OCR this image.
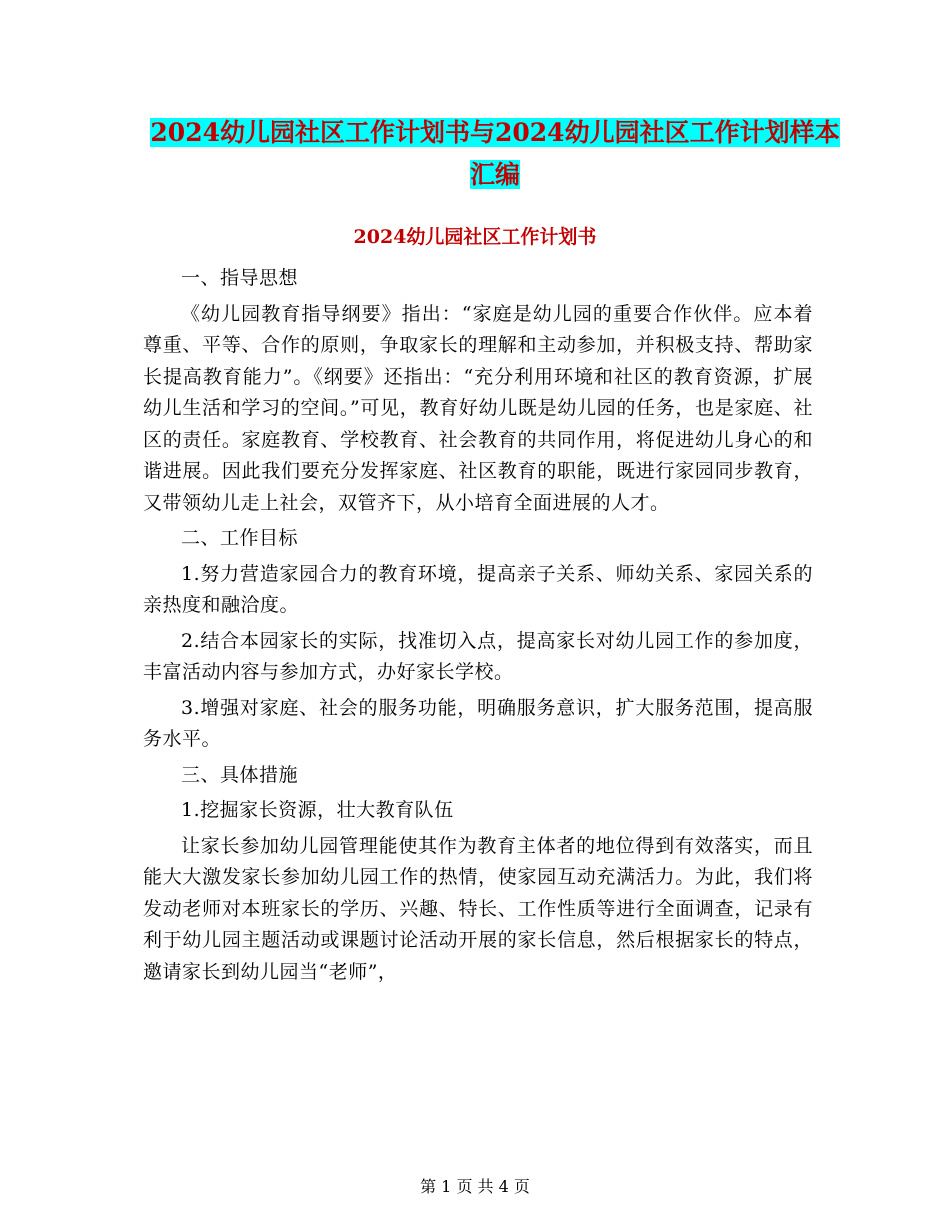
2024幼儿园社区工作计划书与2024幼儿园社区工作计划样本汇编
2024幼儿园社区工作计划书

一、指导思想

《幼儿园教育指导纲要》指出：“家庭是幼儿园的重要合作伙伴。应本着尊重、平等、合作的原则，争取家长的理解和主动参加，并积极支持、帮助家长提高教育能力”。《纲要》还指出：“充分利用环境和社区的教育资源，扩展幼儿生活和学习的空间。”可见，教育好幼儿既是幼儿园的任务，也是家庭、社区的责任。家庭教育、学校教育、社会教育的共同作用，将促进幼儿身心的和谐进展。因此我们要充分发挥家庭、社区教育的职能，既进行家园同步教育，又带领幼儿走上社会，双管齐下，从小培育全面进展的人才。

二、工作目标

1.努力营造家园合力的教育环境，提高亲子关系、师幼关系、家园关系的亲热度和融洽度。

2.结合本园家长的实际，找准切入点，提高家长对幼儿园工作的参加度，丰富活动内容与参加方式，办好家长学校。

3.增强对家庭、社会的服务功能，明确服务意识，扩大服务范围，提高服务水平。

三、具体措施

1.挖掘家长资源，壮大教育队伍

让家长参加幼儿园管理能使其作为教育主体者的地位得到有效落实，而且能大大激发家长参加幼儿园工作的热情，使家园互动充满活力。为此，我们将发动老师对本班家长的学历、兴趣、特长、工作性质等进行全面调查，记录有利于幼儿园主题活动或课题讨论活动开展的家长信息，然后根据家长的特点，邀请家长到幼儿园当“老师”，

第 1 页 共 4 页
